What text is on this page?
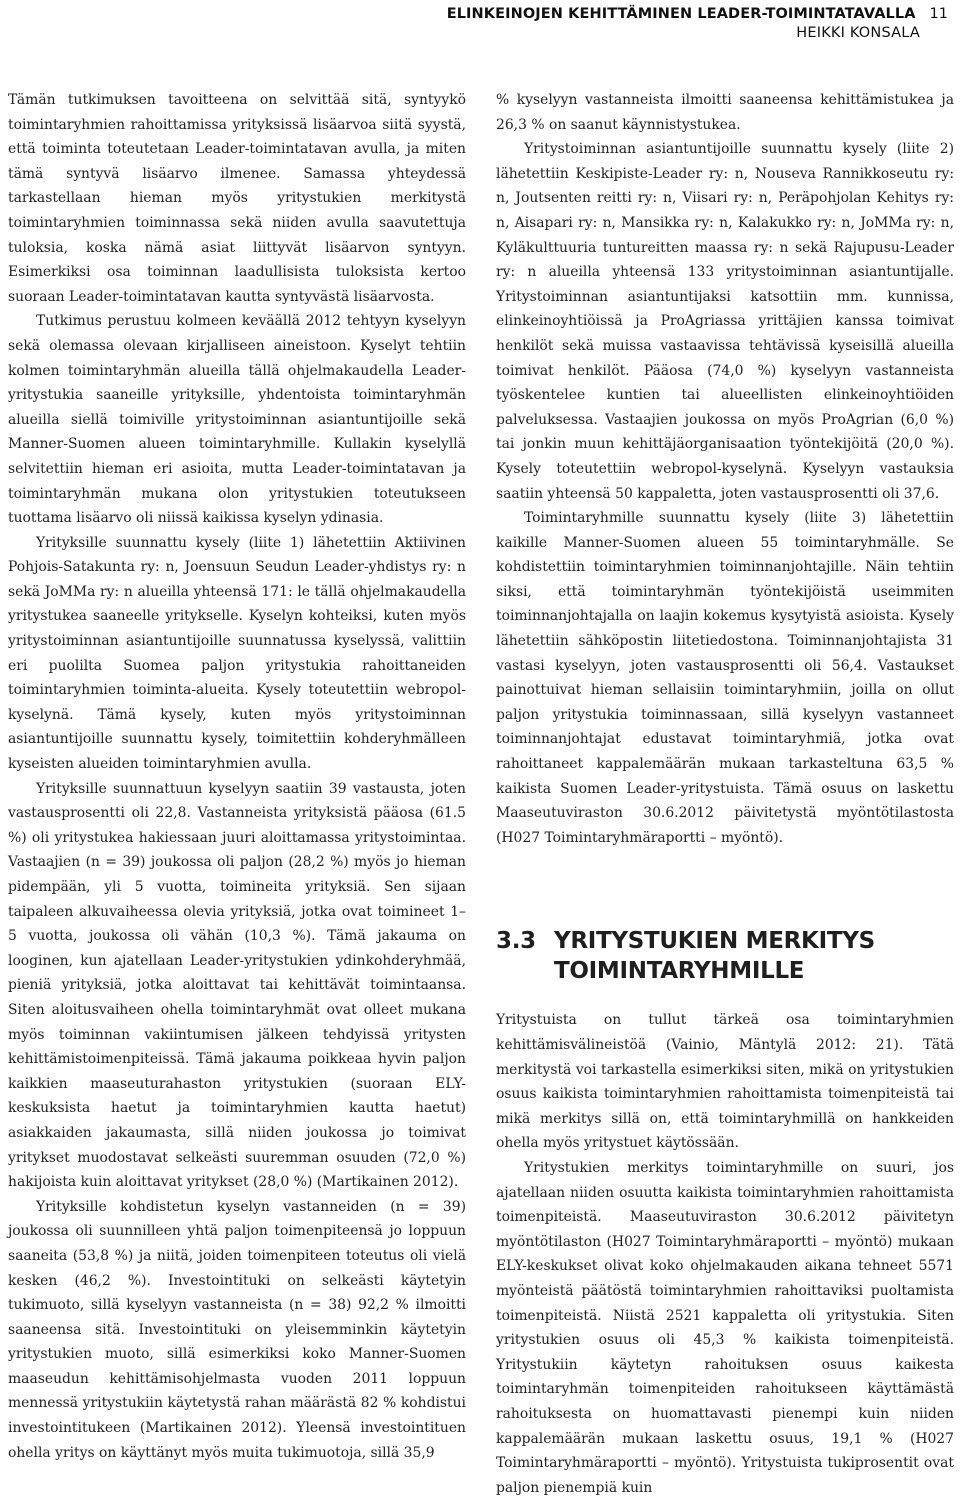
ELINKEINOJEN KEHITTÄMINEN LEADER-TOIMINTATAVALLA 11
HEIKKI KONSALA

Tämän tutkimuksen tavoitteena on selvittää sitä, syntyykö toimintaryhmien rahoittamissa yrityksissä lisäarvoa siitä syystä, että toiminta toteutetaan Leader-toimintatavan avulla, ja miten tämä syntyvä lisäarvo ilmenee. Samassa yhteydessä tarkastellaan hieman myös yritystukien merkitystä toimintaryhmien toiminnassa sekä niiden avulla saavutettuja tuloksia, koska nämä asiat liittyvät lisäarvon syntyyn. Esimerkiksi osa toiminnan laadullisista tuloksista kertoo suoraan Leader-toimintatavan kautta syntyvästä lisäarvosta.

Tutkimus perustuu kolmeen keväällä 2012 tehtyyn kyselyyn sekä olemassa olevaan kirjalliseen aineistoon. Kyselyt tehtiin kolmen toimintaryhmän alueilla tällä ohjelmakaudella Leader-yritystukia saaneille yrityksille, yhdentoista toimintaryhmän alueilla siellä toimiville yritystoiminnan asiantuntijoille sekä Manner-Suomen alueen toimintaryhmille. Kullakin kyselyllä selvitettiin hieman eri asioita, mutta Leader-toimintatavan ja toimintaryhmän mukana olon yritystukien toteutukseen tuottama lisäarvo oli niissä kaikissa kyselyn ydinasia.

Yrityksille suunnattu kysely (liite 1) lähetettiin Aktiivinen Pohjois-Satakunta ry: n, Joensuun Seudun Leader-yhdistys ry: n sekä JoMMa ry: n alueilla yhteensä 171: le tällä ohjelmakaudella yritystukea saaneelle yritykselle. Kyselyn kohteiksi, kuten myös yritystoiminnan asiantuntijoille suunnatussa kyselyssä, valittiin eri puolilta Suomea paljon yritystukia rahoittaneiden toimintaryhmien toiminta-alueita. Kysely toteutettiin webropol-kyselynä. Tämä kysely, kuten myös yritystoiminnan asiantuntijoille suunnattu kysely, toimitettiin kohderyhmälleen kyseisten alueiden toimintaryhmien avulla.

Yrityksille suunnattuun kyselyyn saatiin 39 vastausta, joten vastausprosentti oli 22,8. Vastanneista yrityksistä pääosa (61.5 %) oli yritystukea hakiessaan juuri aloittamassa yritystoimintaa. Vastaajien (n = 39) joukossa oli paljon (28,2 %) myös jo hieman pidempään, yli 5 vuotta, toimineita yrityksiä. Sen sijaan taipaleen alkuvaiheessa olevia yrityksiä, jotka ovat toimineet 1–5 vuotta, joukossa oli vähän (10,3 %). Tämä jakauma on looginen, kun ajatellaan Leader-yritystukien ydinkohderyhmää, pieniä yrityksiä, jotka aloittavat tai kehittävät toimintaansa. Siten aloitusvaiheen ohella toimintaryhmät ovat olleet mukana myös toiminnan vakiintumisen jälkeen tehdyissä yritysten kehittämistoimenpiteissä. Tämä jakauma poikkeaa hyvin paljon kaikkien maaseuturahaston yritystukien (suoraan ELY-keskuksista haetut ja toimintaryhmien kautta haetut) asiakkaiden jakaumasta, sillä niiden joukossa jo toimivat yritykset muodostavat selkeästi suuremman osuuden (72,0 %) hakijoista kuin aloittavat yritykset (28,0 %) (Martikainen 2012).

Yrityksille kohdistetun kyselyn vastanneiden (n = 39) joukossa oli suunnilleen yhtä paljon toimenpiteensä jo loppuun saaneita (53,8 %) ja niitä, joiden toimenpiteen toteutus oli vielä kesken (46,2 %). Investointituki on selkeästi käytetyin tukimuoto, sillä kyselyyn vastanneista (n = 38) 92,2 % ilmoitti saaneensa sitä. Investointituki on yleisemminkin käytetyin yritystukien muoto, sillä esimerkiksi koko Manner-Suomen maaseudun kehittämisohjelmasta vuoden 2011 loppuun mennessä yritystukiin käytetystä rahan määrästä 82 % kohdistui investointitukeen (Martikainen 2012). Yleensä investointituen ohella yritys on käyttänyt myös muita tukimuotoja, sillä 35,9

% kyselyyn vastanneista ilmoitti saaneensa kehittämistukea ja 26,3 % on saanut käynnistystukea.

Yritystoiminnan asiantuntijoille suunnattu kysely (liite 2) lähetettiin Keskipiste-Leader ry: n, Nouseva Rannikkoseutu ry: n, Joutsenten reitti ry: n, Viisari ry: n, Peräpohjolan Kehitys ry: n, Aisapari ry: n, Mansikka ry: n, Kalakukko ry: n, JoMMa ry: n, Kyläkulttuuria tuntureitten maassa ry: n sekä Rajupusu-Leader ry: n alueilla yhteensä 133 yritystoiminnan asiantuntijalle. Yritystoiminnan asiantuntijaksi katsottiin mm. kunnissa, elinkeinoyhtiöissä ja ProAgriassa yrittäjien kanssa toimivat henkilöt sekä muissa vastaavissa tehtävissä kyseisillä alueilla toimivat henkilöt. Pääosa (74,0 %) kyselyyn vastanneista työskentelee kuntien tai alueellisten elinkeinoyhtiöiden palveluksessa. Vastaajien joukossa on myös ProAgrian (6,0 %) tai jonkin muun kehittäjäorganisaation työntekijöitä (20,0 %). Kysely toteutettiin webropol-kyselynä. Kyselyyn vastauksia saatiin yhteensä 50 kappaletta, joten vastausprosentti oli 37,6.

Toimintaryhmille suunnattu kysely (liite 3) lähetettiin kaikille Manner-Suomen alueen 55 toimintaryhmälle. Se kohdistettiin toimintaryhmien toiminnanjohtajille. Näin tehtiin siksi, että toimintaryhmän työntekijöistä useimmiten toiminnanjohtajalla on laajin kokemus kysytyistä asioista. Kysely lähetettiin sähköpostin liitetiedostona. Toiminnanjohtajista 31 vastasi kyselyyn, joten vastausprosentti oli 56,4. Vastaukset painottuivat hieman sellaisiin toimintaryhmiin, joilla on ollut paljon yritystukia toiminnassaan, sillä kyselyyn vastanneet toiminnanjohtajat edustavat toimintaryhmiä, jotka ovat rahoittaneet kappalemäärän mukaan tarkasteltuna 63,5 % kaikista Suomen Leader-yritystuista. Tämä osuus on laskettu Maaseutuviraston 30.6.2012 päivitetystä myöntötilastosta (H027 Toimintaryhmäraportti – myöntö).

3.3 YRITYSTUKIEN MERKITYS TOIMINTARYHMILLE

Yritystuista on tullut tärkeä osa toimintaryhmien kehittämisvälineistöä (Vainio, Mäntylä 2012: 21). Tätä merkitystä voi tarkastella esimerkiksi siten, mikä on yritystukien osuus kaikista toimintaryhmien rahoittamista toimenpiteistä tai mikä merkitys sillä on, että toimintaryhmillä on hankkeiden ohella myös yritystuet käytössään.

Yritystukien merkitys toimintaryhmille on suuri, jos ajatellaan niiden osuutta kaikista toimintaryhmien rahoittamista toimenpiteistä. Maaseutuviraston 30.6.2012 päivitetyn myöntötilaston (H027 Toimintaryhmäraportti – myöntö) mukaan ELY-keskukset olivat koko ohjelmakauden aikana tehneet 5571 myönteistä päätöstä toimintaryhmien rahoittaviksi puoltamista toimenpiteistä. Niistä 2521 kappaletta oli yritystukia. Siten yritystukien osuus oli 45,3 % kaikista toimenpiteistä. Yritystukiin käytetyn rahoituksen osuus kaikesta toimintaryhmän toimenpiteiden rahoitukseen käyttämästä rahoituksesta on huomattavasti pienempi kuin niiden kappalemäärän mukaan laskettu osuus, 19,1 % (H027 Toimintaryhmäraportti – myöntö). Yritystuista tukiprosentit ovat paljon pienempiä kuin
